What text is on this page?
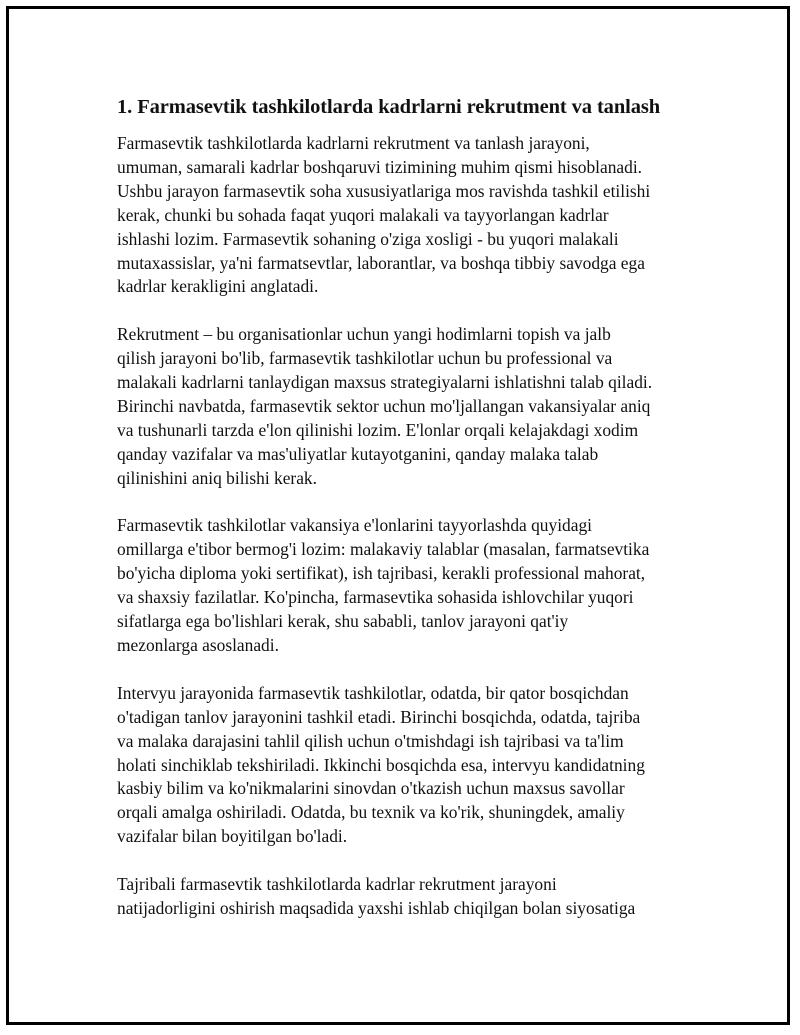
1. Farmasevtik tashkilotlarda kadrlarni rekrutment va tanlash
Farmasevtik tashkilotlarda kadrlarni rekrutment va tanlash jarayoni,
umuman, samarali kadrlar boshqaruvi tizimining muhim qismi hisoblanadi.
Ushbu jarayon farmasevtik soha xususiyatlariga mos ravishda tashkil etilishi
kerak, chunki bu sohada faqat yuqori malakali va tayyorlangan kadrlar
ishlashi lozim. Farmasevtik sohaning o'ziga xosligi - bu yuqori malakali
mutaxassislar, ya'ni farmatsevtlar, laborantlar, va boshqa tibbiy savodga ega
kadrlar kerakligini anglatadi.
Rekrutment – bu organisationlar uchun yangi hodimlarni topish va jalb
qilish jarayoni bo'lib, farmasevtik tashkilotlar uchun bu professional va
malakali kadrlarni tanlaydigan maxsus strategiyalarni ishlatishni talab qiladi.
Birinchi navbatda, farmasevtik sektor uchun mo'ljallangan vakansiyalar aniq
va tushunarli tarzda e'lon qilinishi lozim. E'lonlar orqali kelajakdagi xodim
qanday vazifalar va mas'uliyatlar kutayotganini, qanday malaka talab
qilinishini aniq bilishi kerak.
Farmasevtik tashkilotlar vakansiya e'lonlarini tayyorlashda quyidagi
omillarga e'tibor bermog'i lozim: malakaviy talablar (masalan, farmatsevtika
bo'yicha diploma yoki sertifikat), ish tajribasi, kerakli professional mahorat,
va shaxsiy fazilatlar. Ko'pincha, farmasevtika sohasida ishlovchilar yuqori
sifatlarga ega bo'lishlari kerak, shu sababli, tanlov jarayoni qat'iy
mezonlarga asoslanadi.
Intervyu jarayonida farmasevtik tashkilotlar, odatda, bir qator bosqichdan
o'tadigan tanlov jarayonini tashkil etadi. Birinchi bosqichda, odatda, tajriba
va malaka darajasini tahlil qilish uchun o'tmishdagi ish tajribasi va ta'lim
holati sinchiklab tekshiriladi. Ikkinchi bosqichda esa, intervyu kandidatning
kasbiy bilim va ko'nikmalarini sinovdan o'tkazish uchun maxsus savollar
orqali amalga oshiriladi. Odatda, bu texnik va ko'rik, shuningdek, amaliy
vazifalar bilan boyitilgan bo'ladi.
Tajribali farmasevtik tashkilotlarda kadrlar rekrutment jarayoni
natijadorligini oshirish maqsadida yaxshi ishlab chiqilgan bolan siyosatiga
